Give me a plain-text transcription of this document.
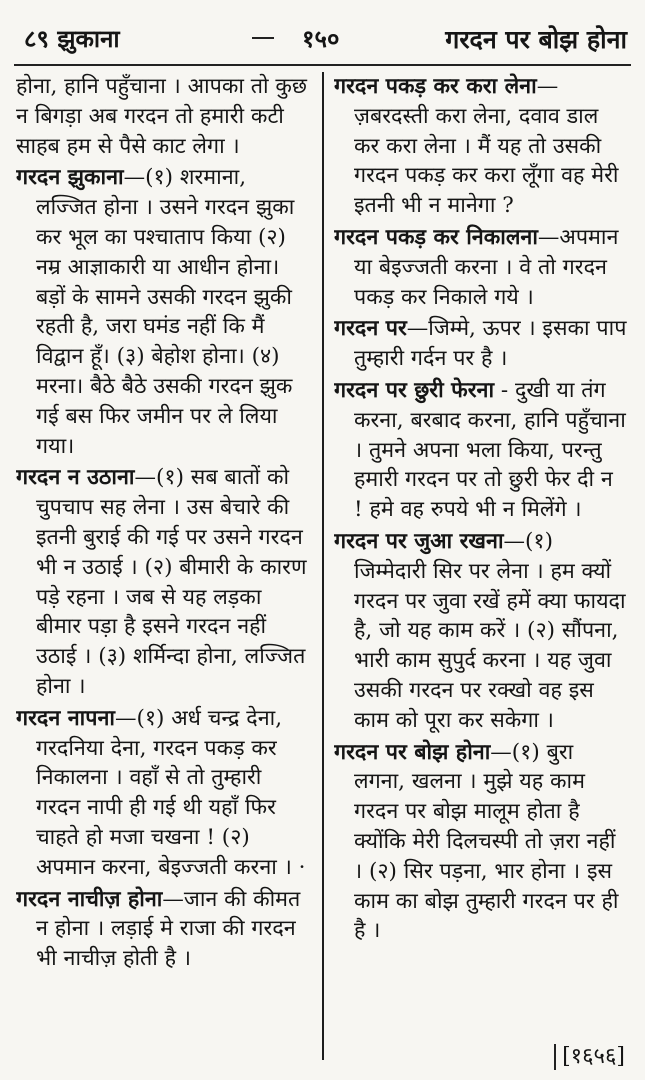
८९ झुकाना	१५०	गरदन पर बोझ होना

होना, हानि पहुँचाना । आपका तो कुछ न बिगड़ा अब गरदन तो हमारी कटी साहब हम से पैसे काट लेगा ।

गरदन झुकाना—(१) शरमाना, लज्जित होना । उसने गरदन झुका कर भूल का पश्चाताप किया (२) नम्र आज्ञाकारी या आधीन होना। बड़ों के सामने उसकी गरदन झुकी रहती है, जरा घमंड नहीं कि मैं विद्वान हूँ। (३) बेहोश होना। (४) मरना। बैठे बैठे उसकी गरदन झुक गई बस फिर जमीन पर ले लिया गया।

गरदन न उठाना—(१) सब बातों को चुपचाप सह लेना । उस बेचारे की इतनी बुराई की गई पर उसने गरदन भी न उठाई । (२) बीमारी के कारण पड़े रहना । जब से यह लड़का बीमार पड़ा है इसने गरदन नहीं उठाई । (३) शर्मिन्दा होना, लज्जित होना ।

गरदन नापना—(१) अर्ध चन्द्र देना, गरदनिया देना, गरदन पकड़ कर निकालना । वहाँ से तो तुम्हारी गरदन नापी ही गई थी यहाँ फिर चाहते हो मजा चखना ! (२) अपमान करना, बेइज्जती करना । ·

गरदन नाचीज़ होना—जान की कीमत न होना । लड़ाई मे राजा की गरदन भी नाचीज़ होती है ।

गरदन पकड़ कर करा लेना—ज़बरदस्ती करा लेना, दवाव डाल कर करा लेना । मैं यह तो उसकी गरदन पकड़ कर करा लूँगा वह मेरी इतनी भी न मानेगा ?

गरदन पकड़ कर निकालना—अपमान या बेइज्जती करना । वे तो गरदन पकड़ कर निकाले गये ।

गरदन पर—जिम्मे, ऊपर । इसका पाप तुम्हारी गर्दन पर है ।

गरदन पर छुरी फेरना - दुखी या तंग करना, बरबाद करना, हानि पहुँचाना । तुमने अपना भला किया, परन्तु हमारी गरदन पर तो छुरी फेर दी न ! हमे वह रुपये भी न मिलेंगे ।

गरदन पर जुआ रखना—(१) जिम्मेदारी सिर पर लेना । हम क्यों गरदन पर जुवा रखें हमें क्या फायदा है, जो यह काम करें । (२) सौंपना, भारी काम सुपुर्द करना । यह जुवा उसकी गरदन पर रक्खो वह इस काम को पूरा कर सकेगा ।

गरदन पर बोझ होना—(१) बुरा लगना, खलना । मुझे यह काम गरदन पर बोझ मालूम होता है क्योंकि मेरी दिलचस्पी तो ज़रा नहीं । (२) सिर पड़ना, भार होना । इस काम का बोझ तुम्हारी गरदन पर ही है ।

[१६५६]
